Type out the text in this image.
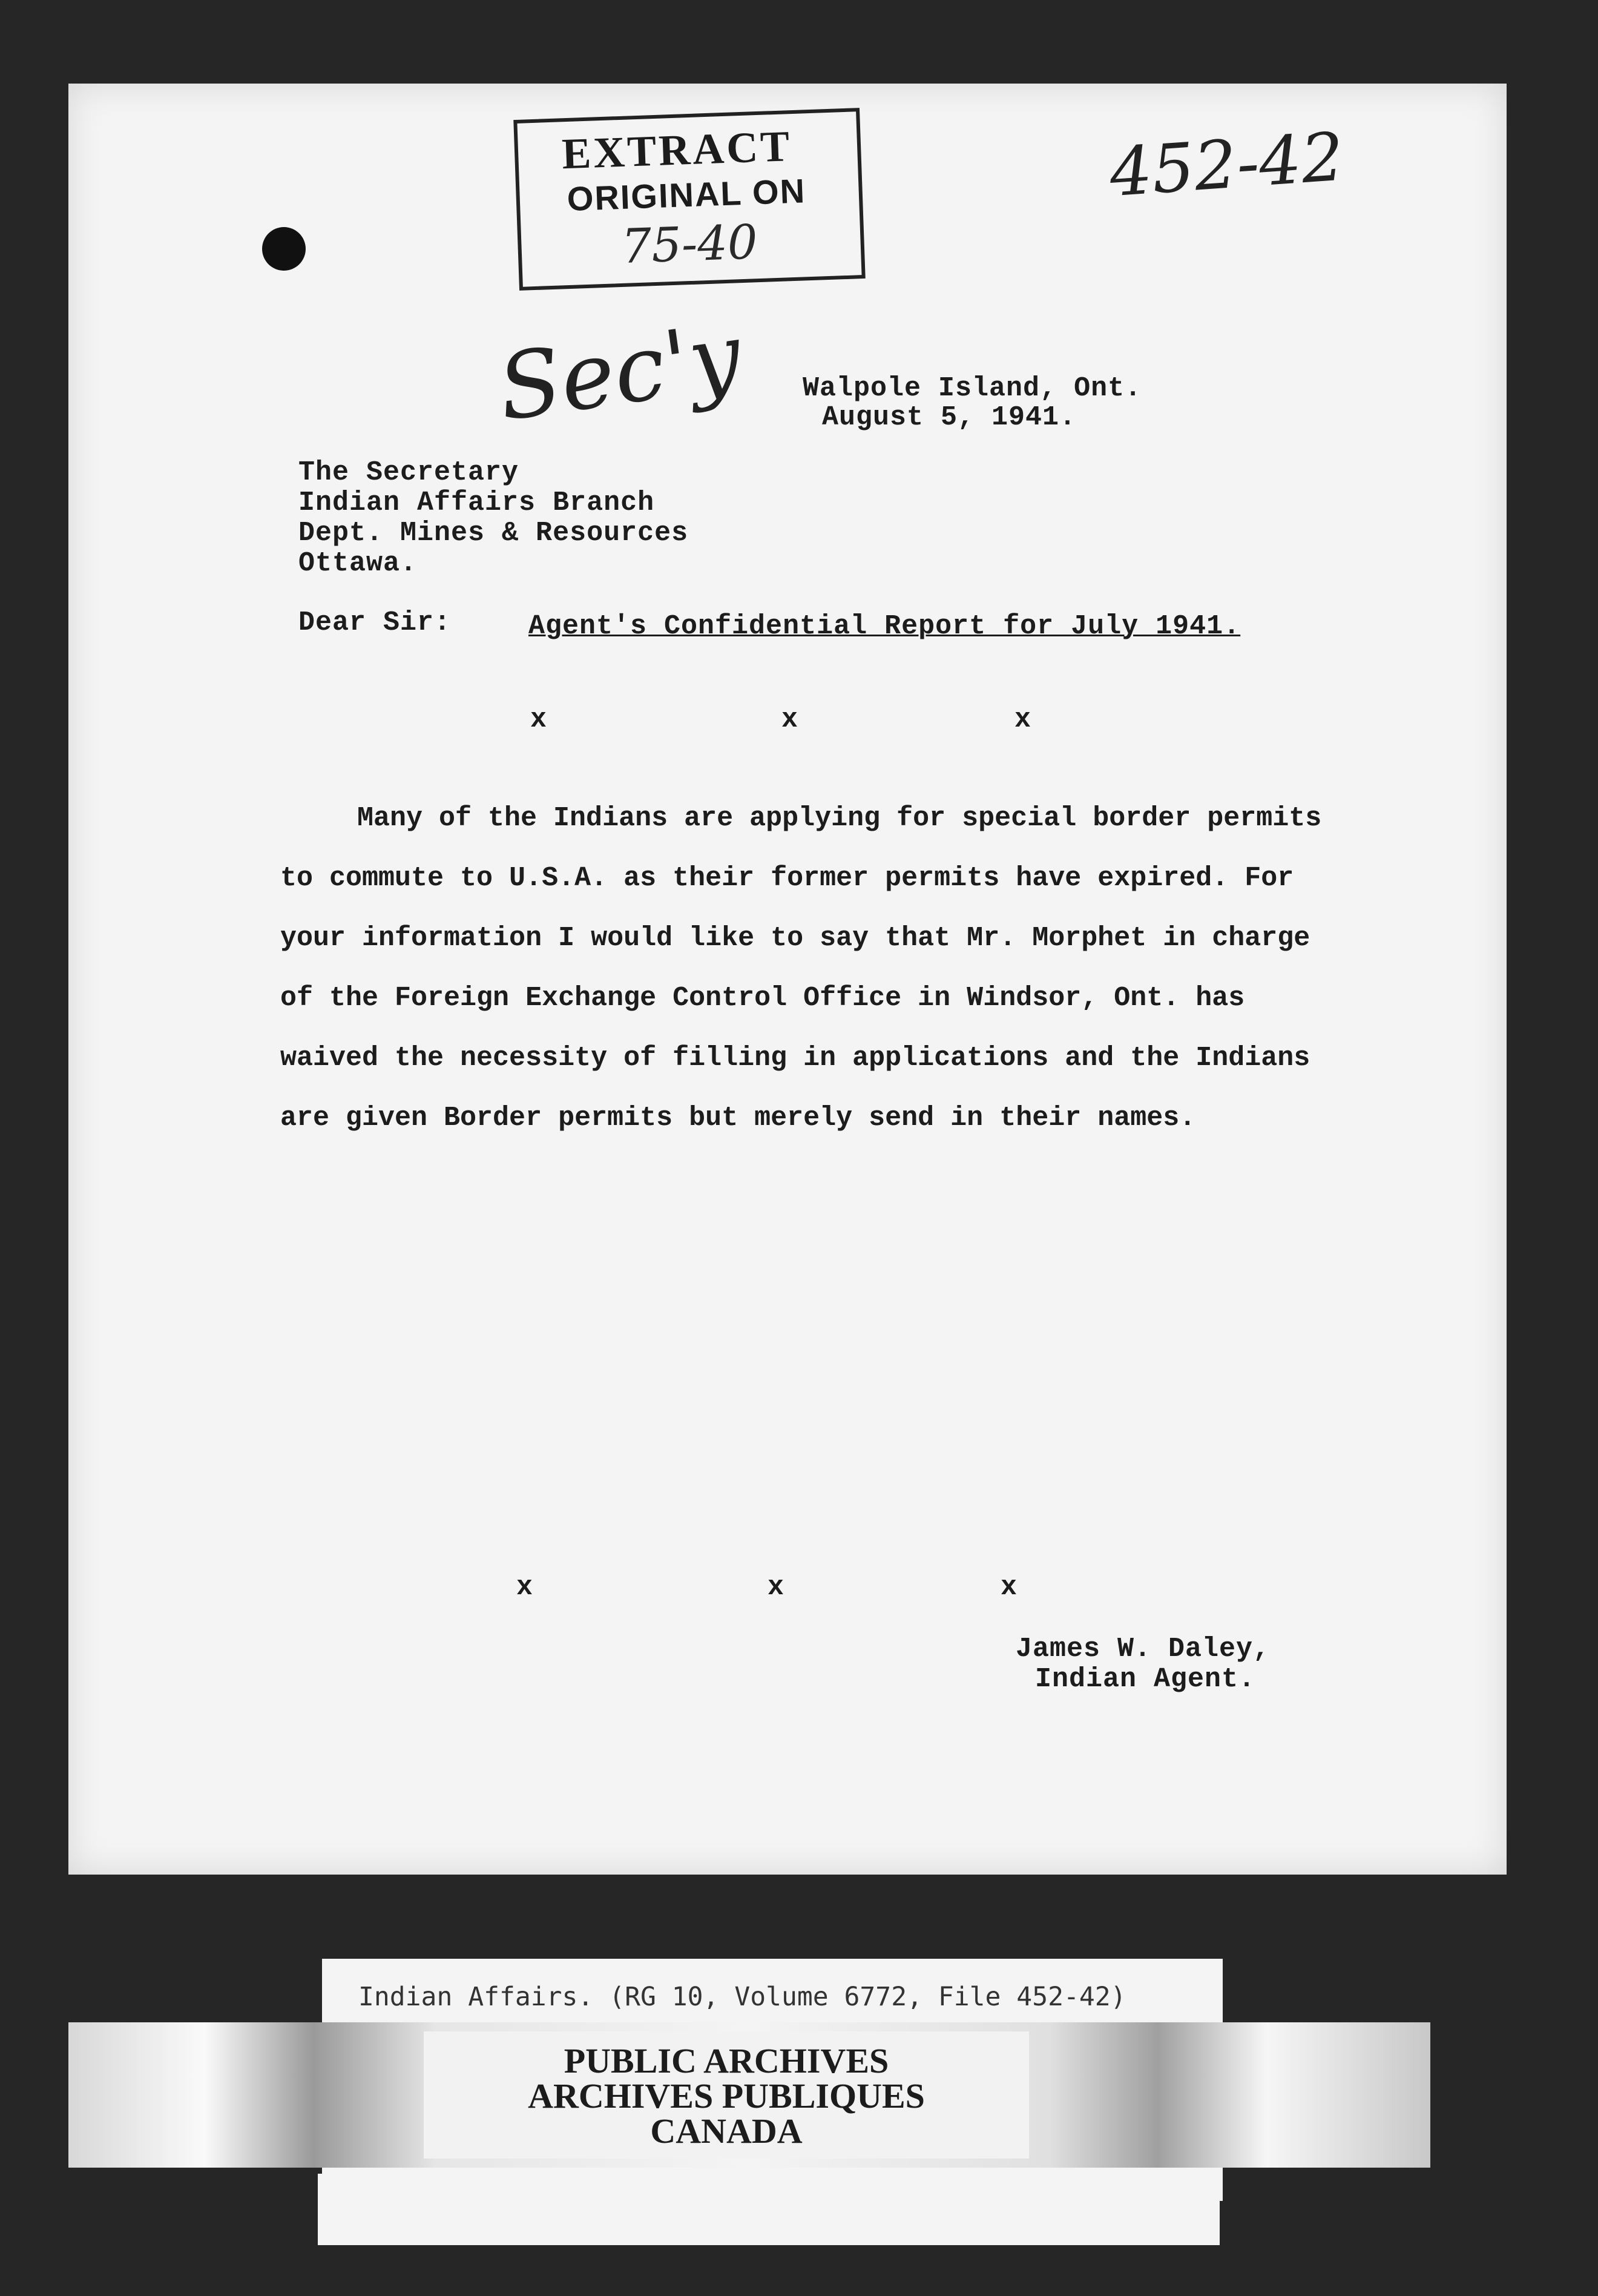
EXTRACT
ORIGINAL ON
75-40
452-42
Sec'y Walpole Island, Ont.
August 5, 1941.
The Secretary
Indian Affairs Branch
Dept. Mines & Resources
Ottawa.
Dear Sir:	Agent's Confidential Report for July 1941.
x	x	x
Many of the Indians are applying for special border permits
to commute to U.S.A. as their former permits have expired. For
your information I would like to say that Mr. Morphet in charge
of the Foreign Exchange Control Office in Windsor, Ont. has
waived the necessity of filling in applications and the Indians
are given Border permits but merely send in their names.
x	x	x
James W. Daley,
Indian Agent.
Indian Affairs. (RG 10, Volume 6772, File 452-42)
PUBLIC ARCHIVES
ARCHIVES PUBLIQUES
CANADA
